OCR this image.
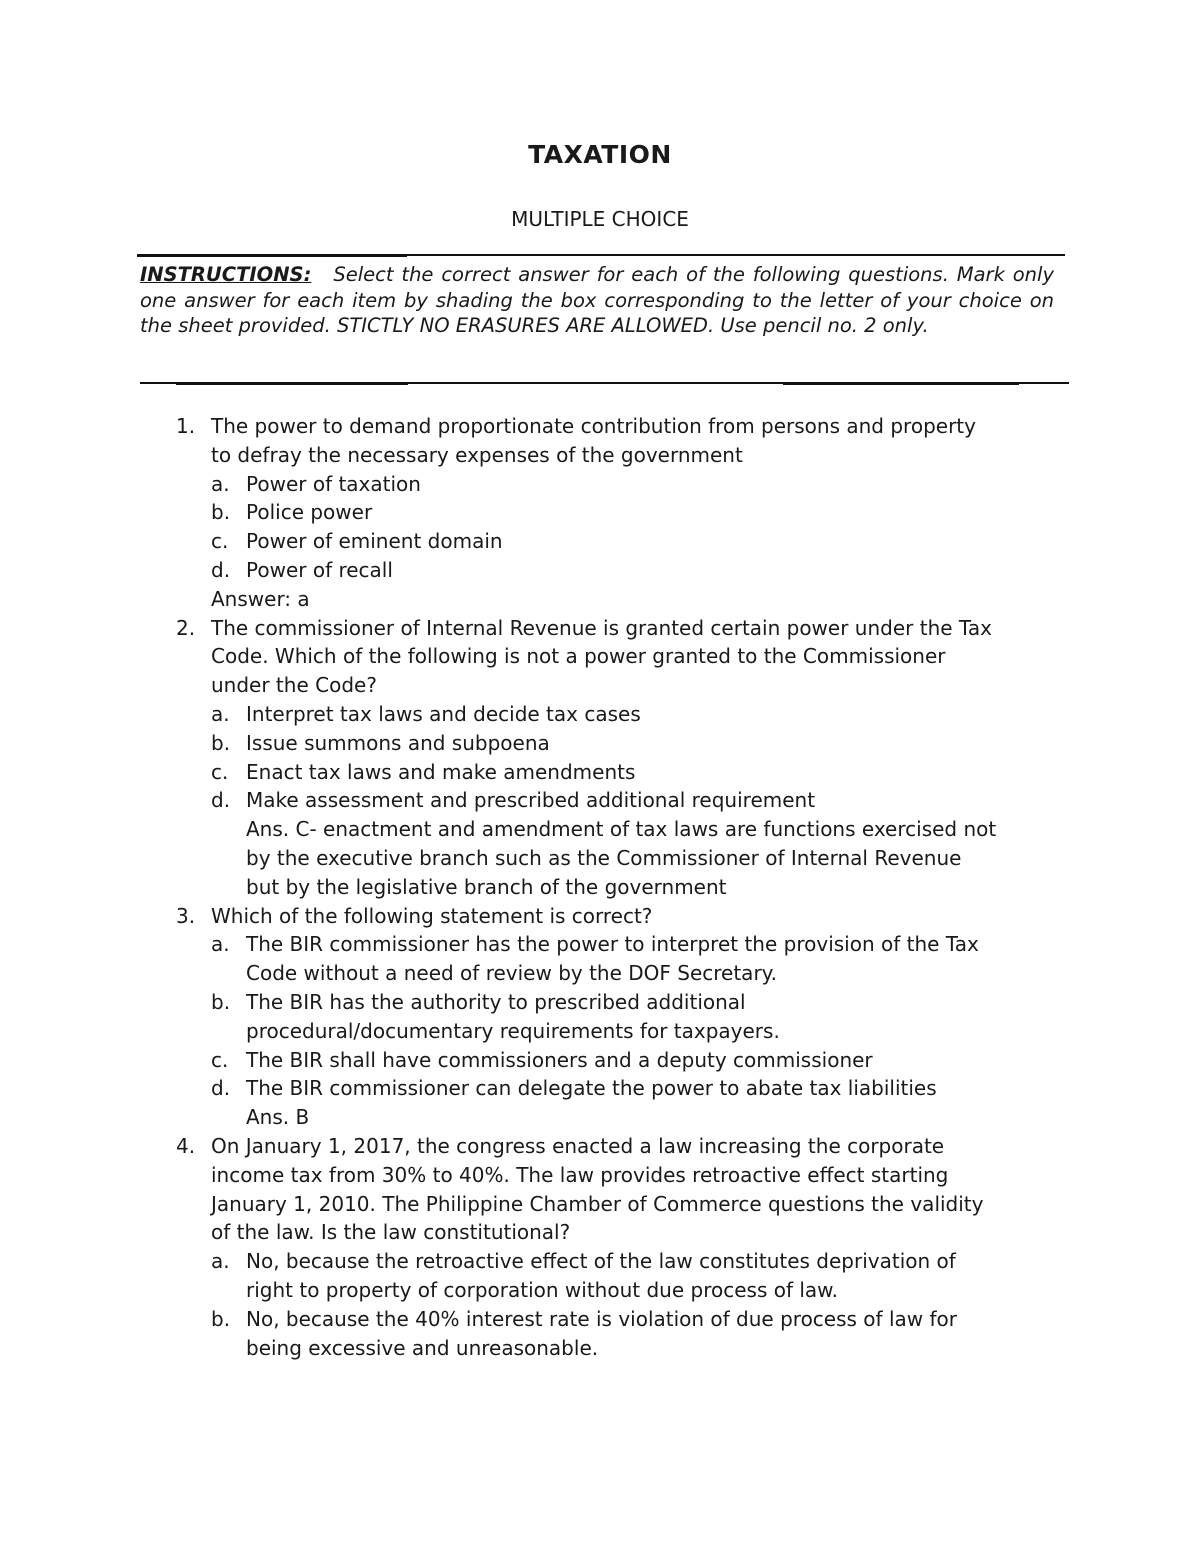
TAXATION
MULTIPLE CHOICE
INSTRUCTIONS: Select the correct answer for each of the following questions. Mark only one answer for each item by shading the box corresponding to the letter of your choice on the sheet provided. STICTLY NO ERASURES ARE ALLOWED. Use pencil no. 2 only.
1. The power to demand proportionate contribution from persons and property
to defray the necessary expenses of the government
a. Power of taxation
b. Police power
c. Power of eminent domain
d. Power of recall
Answer: a
2. The commissioner of Internal Revenue is granted certain power under the Tax
Code. Which of the following is not a power granted to the Commissioner
under the Code?
a. Interpret tax laws and decide tax cases
b. Issue summons and subpoena
c. Enact tax laws and make amendments
d. Make assessment and prescribed additional requirement
Ans. C- enactment and amendment of tax laws are functions exercised not
by the executive branch such as the Commissioner of Internal Revenue
but by the legislative branch of the government
3. Which of the following statement is correct?
a. The BIR commissioner has the power to interpret the provision of the Tax
Code without a need of review by the DOF Secretary.
b. The BIR has the authority to prescribed additional
procedural/documentary requirements for taxpayers.
c. The BIR shall have commissioners and a deputy commissioner
d. The BIR commissioner can delegate the power to abate tax liabilities
Ans. B
4. On January 1, 2017, the congress enacted a law increasing the corporate
income tax from 30% to 40%. The law provides retroactive effect starting
January 1, 2010. The Philippine Chamber of Commerce questions the validity
of the law. Is the law constitutional?
a. No, because the retroactive effect of the law constitutes deprivation of
right to property of corporation without due process of law.
b. No, because the 40% interest rate is violation of due process of law for
being excessive and unreasonable.
